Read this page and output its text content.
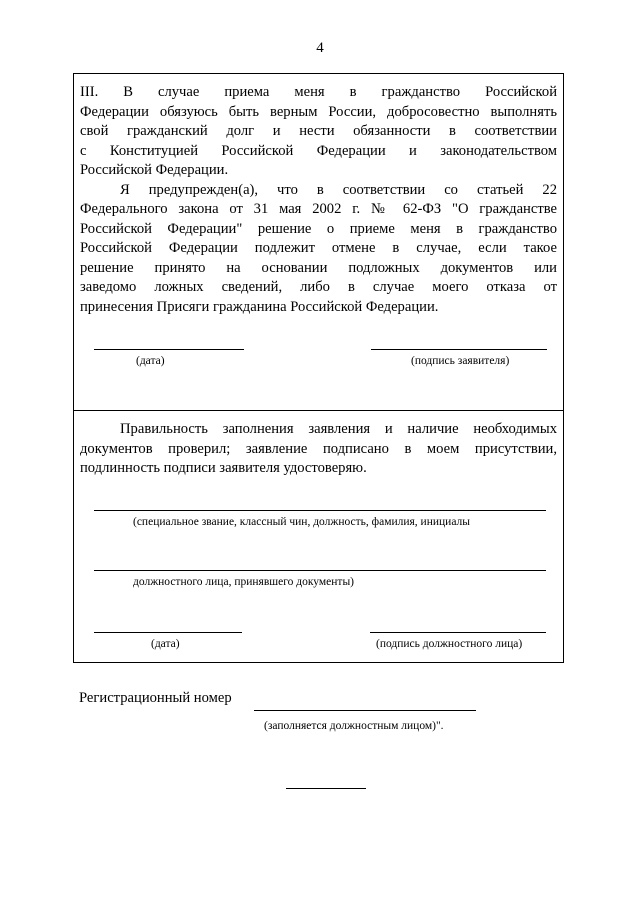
4
III. В случае приема меня в гражданство Российской
Федерации обязуюсь быть верным России, добросовестно выполнять
свой гражданский долг и нести обязанности в соответствии
с Конституцией Российской Федерации и законодательством
Российской Федерации.
Я предупрежден(а), что в соответствии со статьей 22
Федерального закона от 31 мая 2002 г. № 62-ФЗ "О гражданстве
Российской Федерации" решение о приеме меня в гражданство
Российской Федерации подлежит отмене в случае, если такое
решение принято на основании подложных документов или
заведомо ложных сведений, либо в случае моего отказа от
принесения Присяги гражданина Российской Федерации.
(дата)	(подпись заявителя)
Правильность заполнения заявления и наличие необходимых
документов проверил; заявление подписано в моем присутствии,
подлинность подписи заявителя удостоверяю.
(специальное звание, классный чин, должность, фамилия, инициалы
должностного лица, принявшего документы)
(дата)	(подпись должностного лица)
Регистрационный номер
(заполняется должностным лицом)".
